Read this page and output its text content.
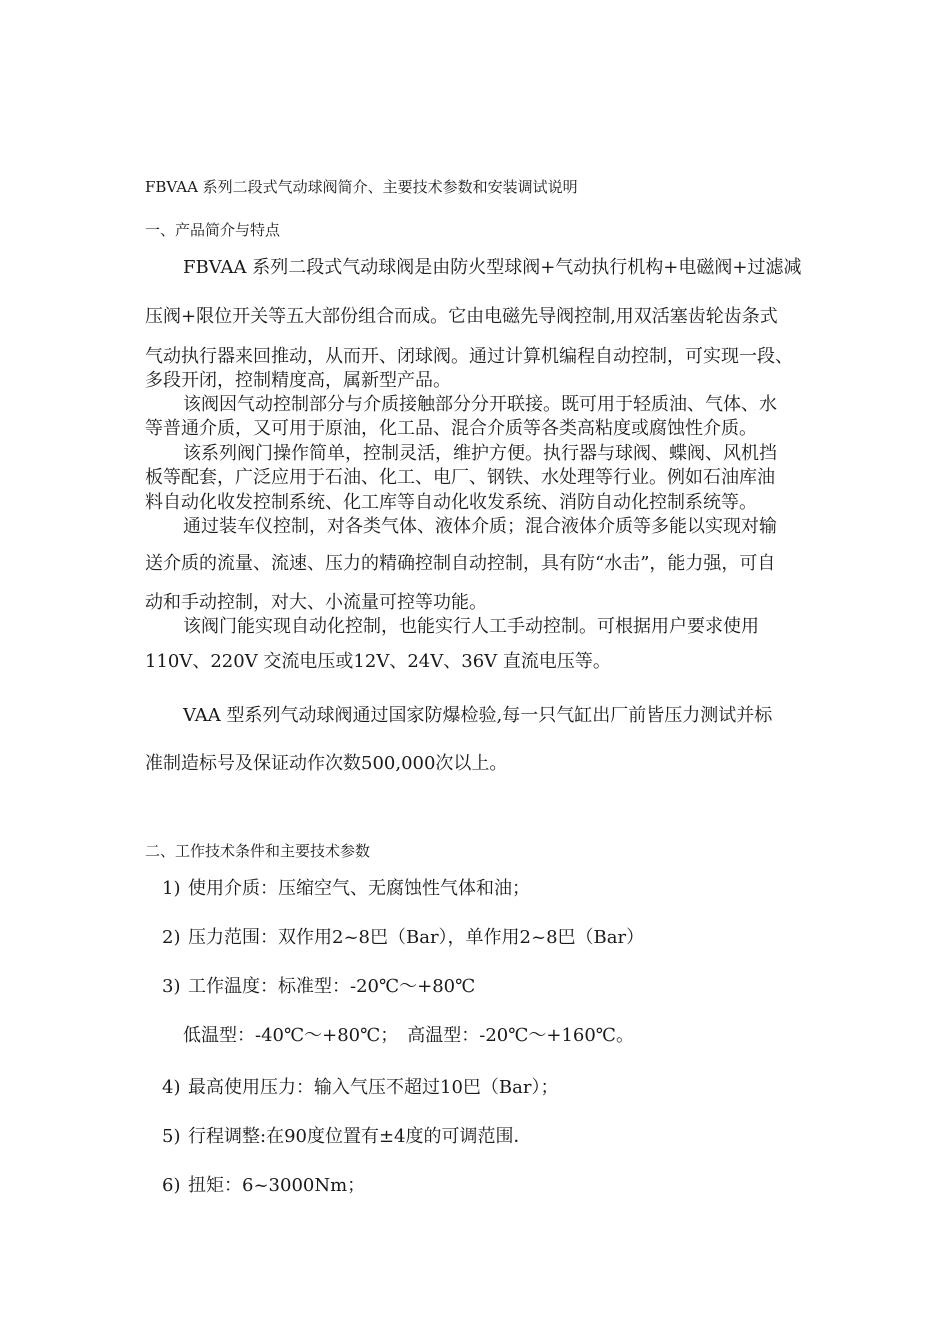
FBVAA 系列二段式气动球阀简介、主要技术参数和安装调试说明

一、产品简介与特点

FBVAA 系列二段式气动球阀是由防火型球阀+气动执行机构+电磁阀+过滤减

压阀+限位开关等五大部份组合而成。它由电磁先导阀控制,用双活塞齿轮齿条式

气动执行器来回推动，从而开、闭球阀。通过计算机编程自动控制，可实现一段、

多段开闭，控制精度高，属新型产品。

该阀因气动控制部分与介质接触部分分开联接。既可用于轻质油、气体、水

等普通介质，又可用于原油，化工品、混合介质等各类高粘度或腐蚀性介质。

该系列阀门操作简单，控制灵活，维护方便。执行器与球阀、蝶阀、风机挡

板等配套，广泛应用于石油、化工、电厂、钢铁、水处理等行业。例如石油库油

料自动化收发控制系统、化工库等自动化收发系统、消防自动化控制系统等。

通过装车仪控制，对各类气体、液体介质；混合液体介质等多能以实现对输

送介质的流量、流速、压力的精确控制自动控制，具有防“水击”，能力强，可自

动和手动控制，对大、小流量可控等功能。

该阀门能实现自动化控制，也能实行人工手动控制。可根据用户要求使用

110V、220V 交流电压或12V、24V、36V 直流电压等。

VAA 型系列气动球阀通过国家防爆检验,每一只气缸出厂前皆压力测试并标

准制造标号及保证动作次数500,000次以上。

二、工作技术条件和主要技术参数

1) 使用介质：压缩空气、无腐蚀性气体和油；

2) 压力范围：双作用2~8巴（Bar），单作用2~8巴（Bar）

3) 工作温度：标准型：-20℃～+80℃

低温型：-40℃～+80℃；　高温型：-20℃～+160℃。

4) 最高使用压力：输入气压不超过10巴（Bar）；

5) 行程调整:在90度位置有±4度的可调范围．

6) 扭矩：6~3000Nm；
